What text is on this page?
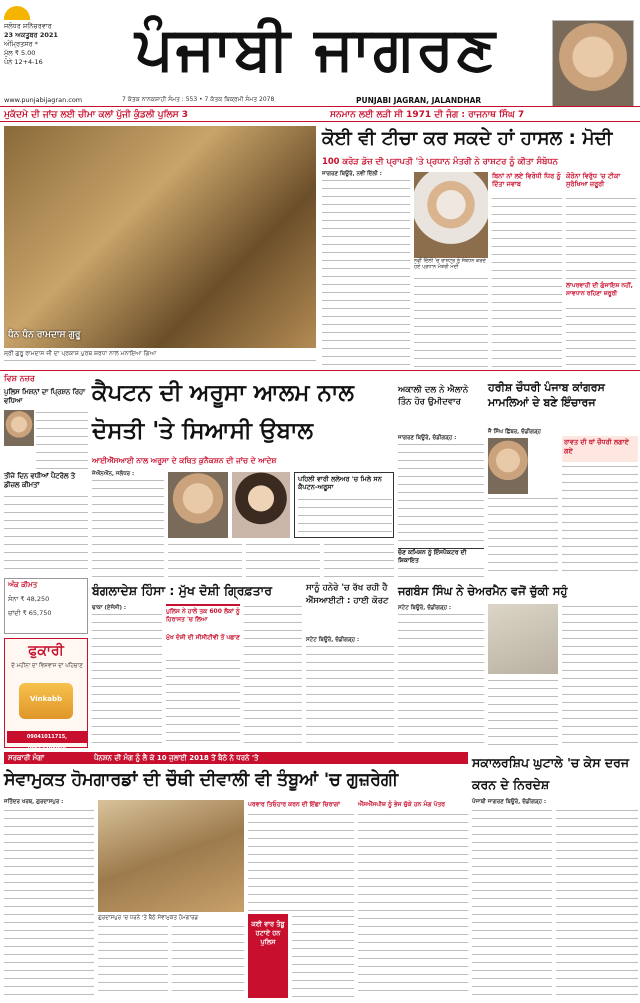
ਜਲੰਧਰ ਸ਼ਨਿੱਚਰਵਾਰ
23 ਅਕਤੂਬਰ 2021
ਅੰਮ੍ਰਿਤਸਰ *
ਮੁੱਲ ₹ 5.00
ਪੰਨੇ 12+4-16	ਪੰਜਾਬੀ ਜਾਗਰਣ
www.punjabijagran.com	7 ਕੱਤਕ ਨਾਨਕਸ਼ਾਹੀ ਸੰਮਤ : 553 • 7 ਕੱਤਕ ਬਿਕ੍ਰਮੀ ਸੰਮਤ 2078	PUNJABI JAGRAN, JALANDHAR
ਮੁਕੱਦਮੇ ਦੀ ਜਾਂਚ ਲਈ ਚੀਮਾ ਕਲਾਂ ਪੁੱਜੀ ਕੁੰਡਲੀ ਪੁਲਿਸ 3	ਸਨਮਾਨ ਲਈ ਲੜੀ ਸੀ 1971 ਦੀ ਜੰਗ : ਰਾਜਨਾਥ ਸਿੰਘ 7
ਧੰਨ ਧੰਨ ਰਾਮਦਾਸ ਗੁਰੂ
ਸ੍ਰੀ ਗੁਰੂ ਰਾਮਦਾਸ ਜੀ ਦਾ ਪ੍ਰਕਾਸ਼ ਪੁਰਬ ਸ਼ਰਧਾ ਨਾਲ ਮਨਾਇਆ ਗਿਆ
ਕੋਈ ਵੀ ਟੀਚਾ ਕਰ ਸਕਦੇ ਹਾਂ ਹਾਸਲ : ਮੋਦੀ
100 ਕਰੋੜ ਡੋਜ਼ ਦੀ ਪ੍ਰਾਪਤੀ 'ਤੇ ਪ੍ਰਧਾਨ ਮੰਤਰੀ ਨੇ ਰਾਸ਼ਟਰ ਨੂੰ ਕੀਤਾ ਸੰਬੋਧਨ
ਜਾਗਰਣ ਬਿਊਰੋ, ਨਵੀਂ ਦਿੱਲੀ :
ਨਵੀਂ ਦਿੱਲੀ 'ਚ ਰਾਸ਼ਟਰ ਨੂੰ ਸੰਬੋਧਨ ਕਰਦੇ ਹੋਏ ਪ੍ਰਧਾਨ ਮੰਤਰੀ ਮੋਦੀ
ਬਿਨਾਂ ਨਾਂ ਲਏ ਵਿਰੋਧੀ ਧਿਰ ਨੂੰ ਦਿੱਤਾ ਜਵਾਬ
ਕੋਰੋਨਾ ਵਿਰੁੱਧ 'ਚ ਟੀਕਾ ਸੁਰੱਖਿਆ ਜ਼ਰੂਰੀ
ਲਾਪਰਵਾਹੀ ਦੀ ਗੁੰਜਾਇਸ਼ ਨਹੀਂ, ਸਾਵਧਾਨ ਰਹਿਣਾ ਜ਼ਰੂਰੀ
ਵਿਸ਼ ਨਜ਼ਰ
ਪੁਲਿਸ ਮਿਸ਼ਨਾਂ ਦਾ ਪ੍ਰਿਸ਼ਨ ਰਿਹਾ ਵਧਿਆ
ਤੀਜੇ ਦਿਨ ਵਧੀਆਂ ਪੈਟਰੋਲ ਤੇ ਡੀਜ਼ਲ ਕੀਮਤਾਂ
ਅੰਕ ਕੀਮਤ
ਸੋਨਾ ₹ 48,250
ਚਾਂਦੀ ₹ 65,750
ਫੁਕਾਰੀ
ਦੇ ਮਹੀਨਾ ਦਾ ਵਿਸ਼ਵਾਸ ਦਾ ਪਹਿਚਾਣ
Vinkabb
09041011715, 09653398908
ਕੈਪਟਨ ਦੀ ਅਰੂਸਾ ਆਲਮ ਨਾਲ ਦੋਸਤੀ 'ਤੇ ਸਿਆਸੀ ਉਬਾਲ
ਆਈਐੱਸਆਈ ਨਾਲ ਅਰੂਸਾ ਦੇ ਕਥਿਤ ਕੁਨੈਕਸ਼ਨ ਦੀ ਜਾਂਚ ਦੇ ਆਦੇਸ਼
ਜੇਐੱਨਐੱਨ, ਜਲੰਧਰ :
ਪਹਿਲੀ ਵਾਰੀ ਲਲੇਅਰ 'ਚ ਮਿਲੇ ਸਨ ਕੈਪਟਨ-ਅਰੂਸਾ
ਬੰਗਲਾਦੇਸ਼ ਹਿੰਸਾ : ਮੁੱਖ ਦੋਸ਼ੀ ਗ੍ਰਿਫ਼ਤਾਰ
ਢਾਕਾ (ਏਜੰਸੀ) :	ਪੁਲਿਸ ਨੇ ਹਾਲੇ ਤਕ 600 ਲੋਕਾਂ ਨੂੰ ਹਿਰਾਸਤ 'ਚ ਲਿਆ
ਮੁੱਖ ਦੋਸ਼ੀ ਦੀ ਸੀਸੀਟੀਵੀ ਤੋਂ ਪਛਾਣ
ਸਾਨੂੰ ਹਨੇਰੇ 'ਚ ਰੱਖ ਰਹੀ ਹੈ ਐੱਸਆਈਟੀ : ਹਾਈ ਕੋਰਟ
ਸਟੇਟ ਬਿਊਰੋ, ਚੰਡੀਗੜ੍ਹ :
ਅਕਾਲੀ ਦਲ ਨੇ ਐਲਾਨੇ ਤਿੰਨ ਹੋਰ ਉਮੀਦਵਾਰ
ਜਾਗਰਣ ਬਿਊਰੋ, ਚੰਡੀਗੜ੍ਹ :
ਚੋਣ ਕਮਿਸ਼ਨ ਨੂੰ ਇੰਸਪੈਕਟਰ ਦੀ ਸ਼ਿਕਾਇਤ
ਹਰੀਸ਼ ਚੌਧਰੀ ਪੰਜਾਬ ਕਾਂਗਰਸ ਮਾਮਲਿਆਂ ਦੇ ਬਣੇ ਇੰਚਾਰਜ
ਜੈ ਸਿੰਘ ਛਿੱਬਰ, ਚੰਡੀਗੜ੍ਹ
ਰਾਵਤ ਦੀ ਥਾਂ ਚੌਧਰੀ ਲਗਾਏ ਗਏ
ਜਗਬੰਸ ਸਿੰਘ ਨੇ ਚੇਅਰਮੈਨ ਵਜੋਂ ਚੁੱਕੀ ਸਹੁੰ
ਸਟੇਟ ਬਿਊਰੋ, ਚੰਡੀਗੜ੍ਹ :
ਸਰਕਾਰੀ ਮੰਗਾਂ	ਪੈਨਸ਼ਨ ਦੀ ਮੰਗ ਨੂੰ ਲੈ ਕੇ 10 ਜੁਲਾਈ 2018 ਤੋਂ ਬੈਠੇ ਨੇ ਧਰਨੇ 'ਤੇ
ਸੇਵਾਮੁਕਤ ਹੋਮਗਾਰਡਾਂ ਦੀ ਚੌਥੀ ਦੀਵਾਲੀ ਵੀ ਤੰਬੂਆਂ 'ਚ ਗੁਜ਼ਰੇਗੀ
ਜਤਿੰਦਰ ਖਰਬ, ਗੁਰਦਾਸਪੁਰ :
ਗੁਰਦਾਸਪੁਰ 'ਚ ਧਰਨੇ 'ਤੇ ਬੈਠੇ ਸੇਵਾਮੁਕਤ ਹੋਮਗਾਰਡ
ਪਰਵਾਰ ਤਿਓਹਾਰ ਕਰਨ ਦੀ ਇੱਛਾ ਚਿਰਾਗਾਂ
ਕਈ ਵਾਰ ਤੰਬੂ ਹਟਾਏ ਹਨ ਪੁਲਿਸ
ਐੱਸਐੱਸਪੀਜ਼ ਨੂੰ ਭੇਜ ਚੁੱਕੇ ਹਨ ਮੰਗ ਪੱਤਰ
ਸਕਾਲਰਸ਼ਿਪ ਘੁਟਾਲੇ 'ਚ ਕੇਸ ਦਰਜ ਕਰਨ ਦੇ ਨਿਰਦੇਸ਼
ਪੰਜਾਬੀ ਜਾਗਰਣ ਬਿਊਰੋ, ਚੰਡੀਗੜ੍ਹ :
